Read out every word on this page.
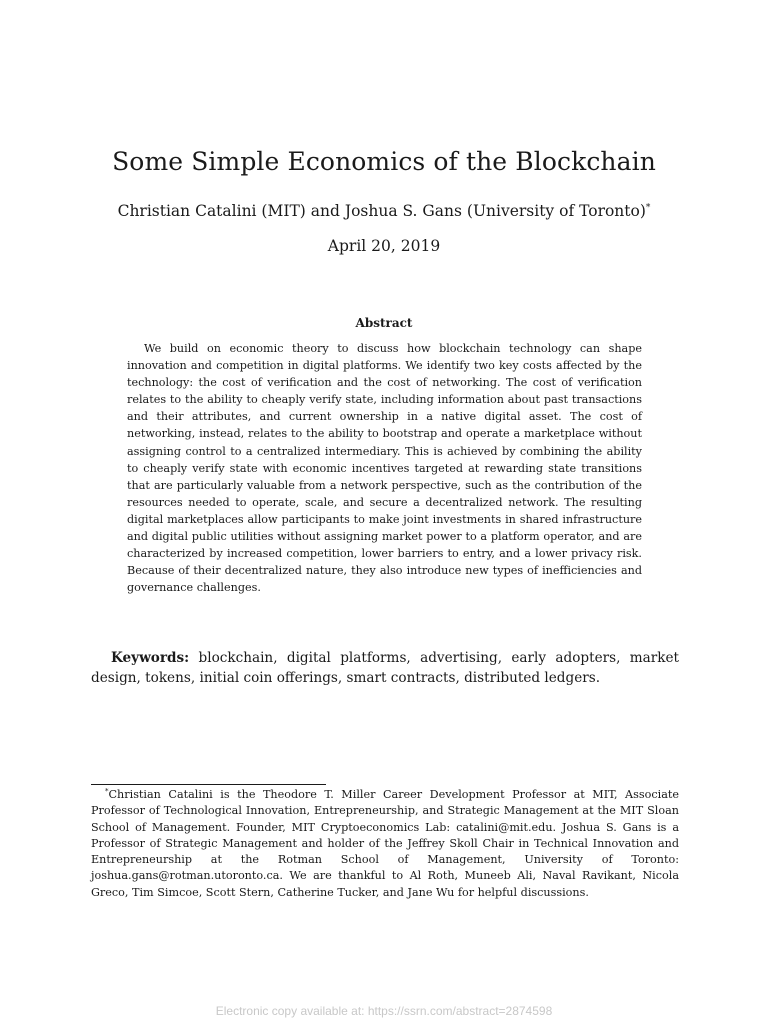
Some Simple Economics of the Blockchain
Christian Catalini (MIT) and Joshua S. Gans (University of Toronto)*
April 20, 2019
Abstract
We build on economic theory to discuss how blockchain technology can shape innovation and competition in digital platforms. We identify two key costs affected by the technology: the cost of verification and the cost of networking. The cost of verification relates to the ability to cheaply verify state, including information about past transactions and their attributes, and current ownership in a native digital asset. The cost of networking, instead, relates to the ability to bootstrap and operate a marketplace without assigning control to a centralized intermediary. This is achieved by combining the ability to cheaply verify state with economic incentives targeted at rewarding state transitions that are particularly valuable from a network perspective, such as the contribution of the resources needed to operate, scale, and secure a decentralized network. The resulting digital marketplaces allow participants to make joint investments in shared infrastructure and digital public utilities without assigning market power to a platform operator, and are characterized by increased competition, lower barriers to entry, and a lower privacy risk. Because of their decentralized nature, they also introduce new types of inefficiencies and governance challenges.
Keywords: blockchain, digital platforms, advertising, early adopters, market design, tokens, initial coin offerings, smart contracts, distributed ledgers.
*Christian Catalini is the Theodore T. Miller Career Development Professor at MIT, Associate Professor of Technological Innovation, Entrepreneurship, and Strategic Management at the MIT Sloan School of Management. Founder, MIT Cryptoeconomics Lab: catalini@mit.edu. Joshua S. Gans is a Professor of Strategic Management and holder of the Jeffrey Skoll Chair in Technical Innovation and Entrepreneurship at the Rotman School of Management, University of Toronto: joshua.gans@rotman.utoronto.ca. We are thankful to Al Roth, Muneeb Ali, Naval Ravikant, Nicola Greco, Tim Simcoe, Scott Stern, Catherine Tucker, and Jane Wu for helpful discussions.
Electronic copy available at: https://ssrn.com/abstract=2874598
